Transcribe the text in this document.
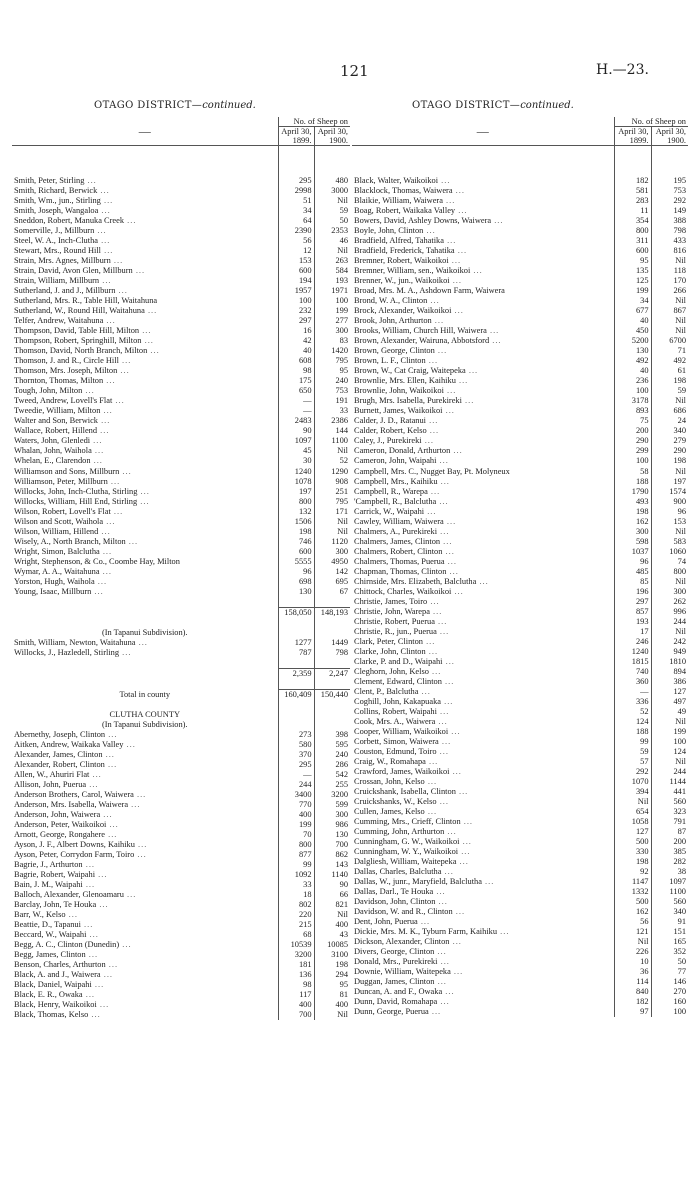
121	H.—23.
OTAGO DISTRICT—continued.	OTAGO DISTRICT—continued.
—	No. of Sheep on	
	April 30, 1899.	April 30, 1900.

Smith, Peter, Stirling ...	295	480
Smith, Richard, Berwick ...	2998	3000
Smith, Wm., jun., Stirling ...	51	Nil
Smith, Joseph, Wangaloa ...	34	59
Sneddon, Robert, Manuka Creek ...	64	50
Somerville, J., Millburn ...	2390	2353
Steel, W. A., Inch-Clutha ...	56	46
Stewart, Mrs., Round Hill ...	12	Nil
Strain, Mrs. Agnes, Millburn ...	153	263
Strain, David, Avon Glen, Millburn ...	600	584
Strain, William, Millburn ...	194	193
Sutherland, J. and J., Millburn ...	1957	1971
Sutherland, Mrs. R., Table Hill, Waitahuna	100	100
Sutherland, W., Round Hill, Waitahuna ...	232	199
Telfer, Andrew, Waitahuna ...	297	277
Thompson, David, Table Hill, Milton ...	16	300
Thompson, Robert, Springhill, Milton ...	42	83
Thomson, David, North Branch, Milton ...	40	1420
Thomson, J. and R., Circle Hill ...	608	795
Thomson, Mrs. Joseph, Milton ...	98	95
Thornton, Thomas, Milton ...	175	240
Tough, John, Milton ...	650	753
Tweed, Andrew, Lovell's Flat ...	—	191
Tweedie, William, Milton ...	—	33
Walter and Son, Berwick ...	2483	2386
Wallace, Robert, Hillend ...	90	144
Waters, John, Glenledi ...	1097	1100
Whalan, John, Waihola ...	45	Nil
Whelan, E., Clarendon ...	30	52
Williamson and Sons, Millburn ...	1240	1290
Williamson, Peter, Millburn ...	1078	908
Willocks, John, Inch-Clutha, Stirling ...	197	251
Willocks, William, Hill End, Stirling ...	800	795
Wilson, Robert, Lovell's Flat ...	132	171
Wilson and Scott, Waihola ...	1506	Nil
Wilson, William, Hillend ...	198	Nil
Wisely, A., North Branch, Milton ...	746	1120
Wright, Simon, Balclutha ...	600	300
Wright, Stephenson, & Co., Coombe Hay, Milton	5555	4950
Wymar, A. A., Waitahuna ...	96	142
Yorston, Hugh, Waihola ...	698	695
Young, Isaac, Millburn ...	130	67

	158,050	148,193

(In Tapanui Subdivision).		
Smith, William, Newton, Waitahuna ...	1277	1449
Willocks, J., Hazledell, Stirling ...	787	798

	2,359	2,247

Total in county	160,409	150,440

CLUTHA COUNTY		
(In Tapanui Subdivision).		
Abernethy, Joseph, Clinton ...	273	398
Aitken, Andrew, Waikaka Valley ...	580	595
Alexander, James, Clinton ...	370	240
Alexander, Robert, Clinton ...	295	286
Allen, W., Ahuriri Flat ...	—	542
Allison, John, Puerua ...	244	255
Anderson Brothers, Carol, Waiwera ...	3400	3200
Anderson, Mrs. Isabella, Waiwera ...	770	599
Anderson, John, Waiwera ...	400	300
Anderson, Peter, Waikoikoi ...	199	986
Arnott, George, Rongahere ...	70	130
Ayson, J. F., Albert Downs, Kaihiku ...	800	700
Ayson, Peter, Corrydon Farm, Toiro ...	877	862
Bagrie, J., Arthurton ...	99	143
Bagrie, Robert, Waipahi ...	1092	1140
Bain, J. M., Waipahi ...	33	90
Balloch, Alexander, Glenoamaru ...	18	66
Barclay, John, Te Houka ...	802	821
Barr, W., Kelso ...	220	Nil
Beattie, D., Tapanui ...	215	400
Beccard, W., Waipahi ...	68	43
Begg, A. C., Clinton (Dunedin) ...	10539	10085
Begg, James, Clinton ...	3200	3100
Benson, Charles, Arthurton ...	181	198
Black, A. and J., Waiwera ...	136	294
Black, Daniel, Waipahi ...	98	95
Black, E. R., Owaka ...	117	81
Black, Henry, Waikoikoi ...	400	400
Black, Thomas, Kelso ...	700	Nil
—	No. of Sheep on	
	April 30, 1899.	April 30, 1900.

Black, Walter, Waikoikoi ...	182	195
Blacklock, Thomas, Waiwera ...	581	753
Blaikie, William, Waiwera ...	283	292
Boag, Robert, Waikaka Valley ...	11	149
Bowers, David, Ashley Downs, Waiwera ...	354	388
Boyle, John, Clinton ...	800	798
Bradfield, Alfred, Tahatika ...	311	433
Bradfield, Frederick, Tahatika ...	600	816
Bremner, Robert, Waikoikoi ...	95	Nil
Bremner, William, sen., Waikoikoi ...	135	118
Brenner, W., jun., Waikoikoi ...	125	170
Broad, Mrs. M. A., Ashdown Farm, Waiwera	199	266
Brond, W. A., Clinton ...	34	Nil
Brock, Alexander, Waikoikoi ...	677	867
Brook, John, Arthurton ...	40	Nil
Brooks, William, Church Hill, Waiwera ...	450	Nil
Brown, Alexander, Wairuna, Abbotsford ...	5200	6700
Brown, George, Clinton ...	130	71
Brown, L. F., Clinton ...	492	492
Brown, W., Cat Craig, Waitepeka ...	40	61
Brownlie, Mrs. Ellen, Kaihiku ...	236	198
Brownlie, John, Waikoikoi ...	100	59
Brugh, Mrs. Isabella, Purekireki ...	3178	Nil
Burnett, James, Waikoikoi ...	893	686
Calder, J. D., Ratanui ...	75	24
Calder, Robert, Kelso ...	200	340
Caley, J., Purekireki ...	290	279
Cameron, Donald, Arthurton ...	299	290
Cameron, John, Waipahi ...	100	198
Campbell, Mrs. C., Nugget Bay, Pt. Molyneux	58	Nil
Campbell, Mrs., Kaihiku ...	188	197
Campbell, R., Warepa ...	1790	1574
'Campbell, R., Balclutha ...	493	900
Carrick, W., Waipahi ...	198	96
Cawley, William, Waiwera ...	162	153
Chalmers, A., Purekireki ...	300	Nil
Chalmers, James, Clinton ...	598	583
Chalmers, Robert, Clinton ...	1037	1060
Chalmers, Thomas, Puerua ...	96	74
Chapman, Thomas, Clinton ...	485	800
Chirnside, Mrs. Elizabeth, Balclutha ...	85	Nil
Chittock, Charles, Waikoikoi ...	196	300
Christie, James, Toiro ...	297	262
Christie, John, Warepa ...	857	996
Christie, Robert, Puerua ...	193	244
Christie, R., jun., Puerua ...	17	Nil
Clark, Peter, Clinton ...	246	242
Clarke, John, Clinton ...	1240	949
Clarke, P. and D., Waipahi ...	1815	1810
Cleghorn, John, Kelso ...	740	894
Clement, Edward, Clinton ...	360	386
Clent, P., Balclutha ...	—	127
Coghill, John, Kakapuaka ...	336	497
Collins, Robert, Waipahi ...	52	49
Cook, Mrs. A., Waiwera ...	124	Nil
Cooper, William, Waikoikoi ...	188	199
Corbett, Simon, Waiwera ...	99	100
Couston, Edmund, Toiro ...	59	124
Craig, W., Romahapa ...	57	Nil
Crawford, James, Waikoikoi ...	292	244
Crossan, John, Kelso ...	1070	1144
Cruickshank, Isabella, Clinton ...	394	441
Cruickshanks, W., Kelso ...	Nil	560
Cullen, James, Kelso ...	654	323
Cumming, Mrs., Crieff, Clinton ...	1058	791
Cumming, John, Arthurton ...	127	87
Cunningham, G. W., Waikoikoi ...	500	200
Cunningham, W. Y., Waikoikoi ...	330	385
Dalgliesh, William, Waitepeka ...	198	282
Dallas, Charles, Balclutha ...	92	38
Dallas, W., junr., Maryfield, Balclutha ...	1147	1097
Dallas, Darl., Te Houka ...	1332	1100
Davidson, John, Clinton ...	500	560
Davidson, W. and R., Clinton ...	162	340
Dent, John, Puerua ...	56	91
Dickie, Mrs. M. K., Tyburn Farm, Kaihiku ...	121	151
Dickson, Alexander, Clinton ...	Nil	165
Divers, George, Clinton ...	226	352
Donald, Mrs., Purekireki ...	10	50
Downie, William, Waitepeka ...	36	77
Duggan, James, Clinton ...	114	146
Duncan, A. and F., Owaka ...	840	270
Dunn, David, Romahapa ...	182	160
Dunn, George, Puerua ...	97	100
